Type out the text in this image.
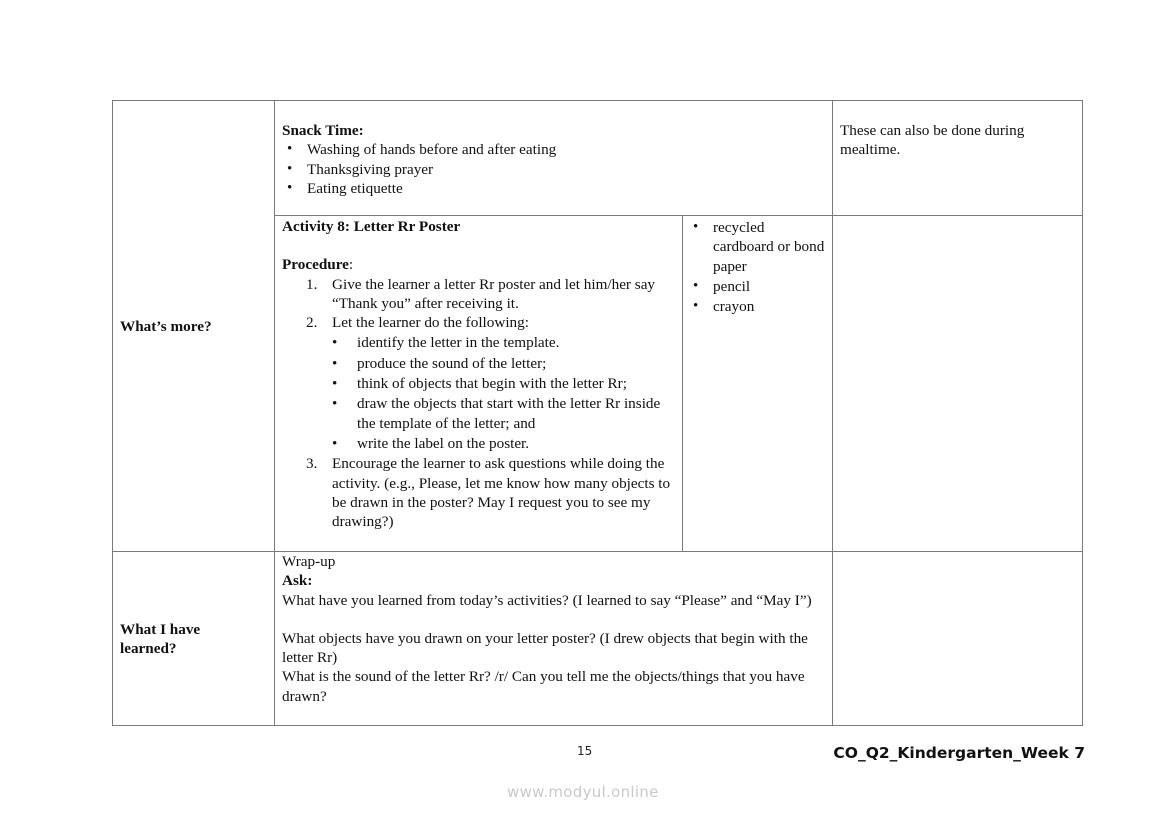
What’s more?
Snack Time:
• Washing of hands before and after eating
• Thanksgiving prayer
• Eating etiquette
These can also be done during mealtime.
Activity 8: Letter Rr Poster
Procedure:
1. Give the learner a letter Rr poster and let him/her say “Thank you” after receiving it.
2. Let the learner do the following:
• identify the letter in the template.
• produce the sound of the letter;
• think of objects that begin with the letter Rr;
• draw the objects that start with the letter Rr inside the template of the letter; and
• write the label on the poster.
3. Encourage the learner to ask questions while doing the activity. (e.g., Please, let me know how many objects to be drawn in the poster? May I request you to see my drawing?)
• recycled cardboard or bond paper
• pencil
• crayon
What I have learned?
Wrap-up
Ask:
What have you learned from today’s activities? (I learned to say “Please” and “May I”)
What objects have you drawn on your letter poster? (I drew objects that begin with the letter Rr)
What is the sound of the letter Rr? /r/ Can you tell me the objects/things that you have drawn?
15	CO_Q2_Kindergarten_Week 7
www.modyul.online
